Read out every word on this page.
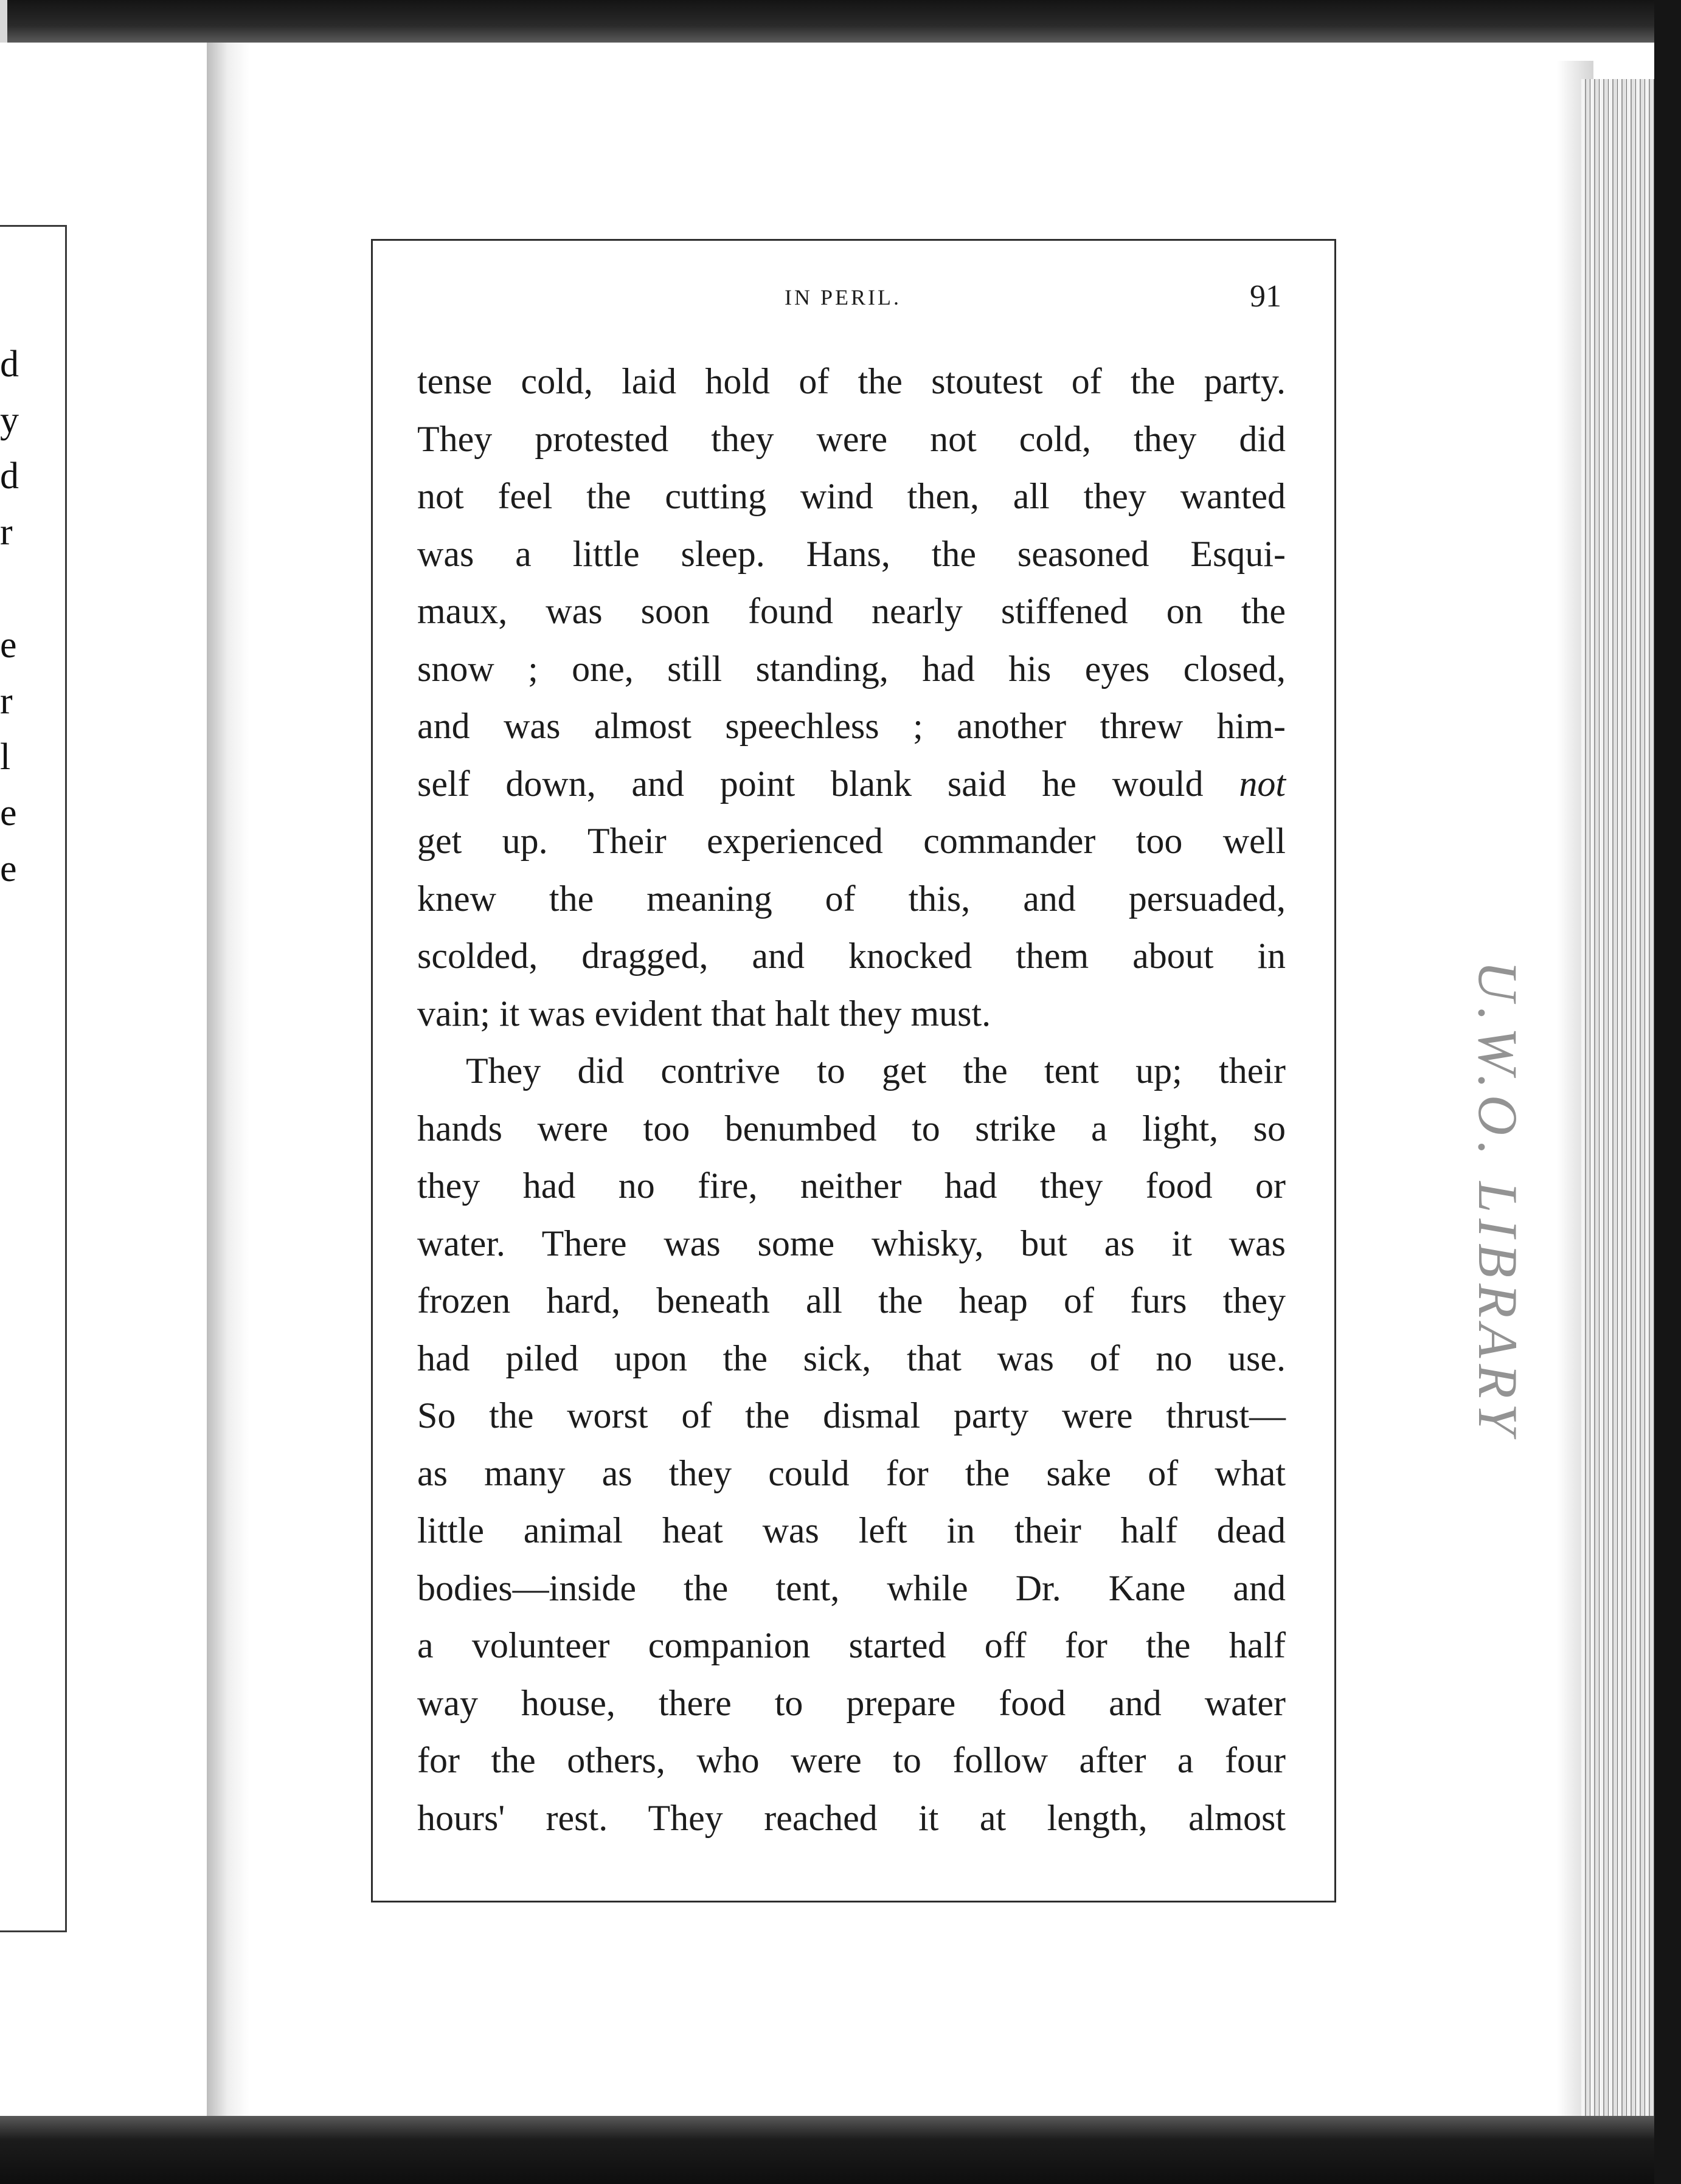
d
y
d
r
e
r
l
e
e
U.W.O. LIBRARY
IN PERIL.	91
tense cold, laid hold of the stoutest of the party.
They protested they were not cold, they did
not feel the cutting wind then, all they wanted
was a little sleep. Hans, the seasoned Esqui-
maux, was soon found nearly stiffened on the
snow ; one, still standing, had his eyes closed,
and was almost speechless ; another threw him-
self down, and point blank said he would not
get up. Their experienced commander too well
knew the meaning of this, and persuaded,
scolded, dragged, and knocked them about in
vain; it was evident that halt they must.
They did contrive to get the tent up; their
hands were too benumbed to strike a light, so
they had no fire, neither had they food or
water. There was some whisky, but as it was
frozen hard, beneath all the heap of furs they
had piled upon the sick, that was of no use.
So the worst of the dismal party were thrust—
as many as they could for the sake of what
little animal heat was left in their half dead
bodies—inside the tent, while Dr. Kane and
a volunteer companion started off for the half
way house, there to prepare food and water
for the others, who were to follow after a four
hours' rest. They reached it at length, almost
